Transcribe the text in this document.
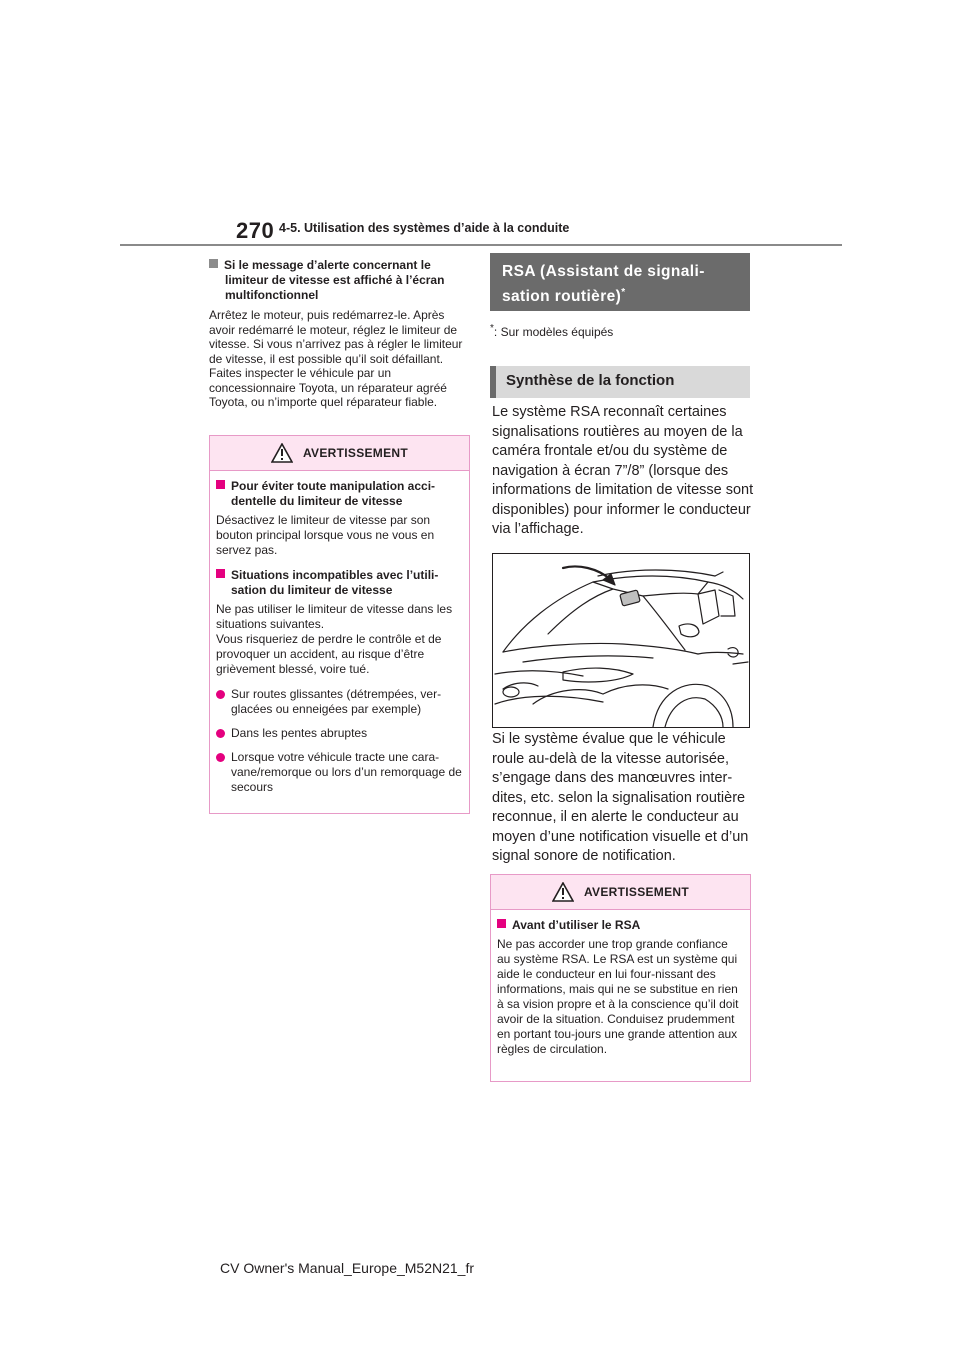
270 4-5. Utilisation des systèmes d’aide à la conduite

Si le message d’alerte concernant le limiteur de vitesse est affiché à l’écran multifonctionnel

Arrêtez le moteur, puis redémarrez-le. Après avoir redémarré le moteur, réglez le limiteur de vitesse. Si vous n’arrivez pas à régler le limiteur de vitesse, il est possible qu’il soit défaillant. Faites inspecter le véhicule par un concessionnaire Toyota, un réparateur agréé Toyota, ou n’importe quel réparateur fiable.

AVERTISSEMENT

Pour éviter toute manipulation acci-dentelle du limiteur de vitesse

Désactivez le limiteur de vitesse par son bouton principal lorsque vous ne vous en servez pas.

Situations incompatibles avec l’utili-sation du limiteur de vitesse

Ne pas utiliser le limiteur de vitesse dans les situations suivantes.

Vous risqueriez de perdre le contrôle et de provoquer un accident, au risque d’être grièvement blessé, voire tué.

Sur routes glissantes (détrempées, ver-glacées ou enneigées par exemple)

Dans les pentes abruptes

Lorsque votre véhicule tracte une cara-vane/remorque ou lors d’un remorquage de secours

RSA (Assistant de signali-
sation routière)*
*: Sur modèles équipés
Synthèse de la fonction

Le système RSA reconnaît certaines signalisations routières au moyen de la caméra frontale et/ou du système de navigation à écran 7”/8” (lorsque des informations de limitation de vitesse sont disponibles) pour informer le conducteur via l’affichage.

Si le système évalue que le véhicule roule au-delà de la vitesse autorisée, s’engage dans des manœuvres inter-dites, etc. selon la signalisation routière reconnue, il en alerte le conducteur au moyen d’une notification visuelle et d’un signal sonore de notification.

AVERTISSEMENT

Avant d’utiliser le RSA

Ne pas accorder une trop grande confiance au système RSA. Le RSA est un système qui aide le conducteur en lui four-nissant des informations, mais qui ne se substitue en rien à sa vision propre et à la conscience qu’il doit avoir de la situation. Conduisez prudemment en portant tou-jours une grande attention aux règles de circulation.

CV Owner's Manual_Europe_M52N21_fr
